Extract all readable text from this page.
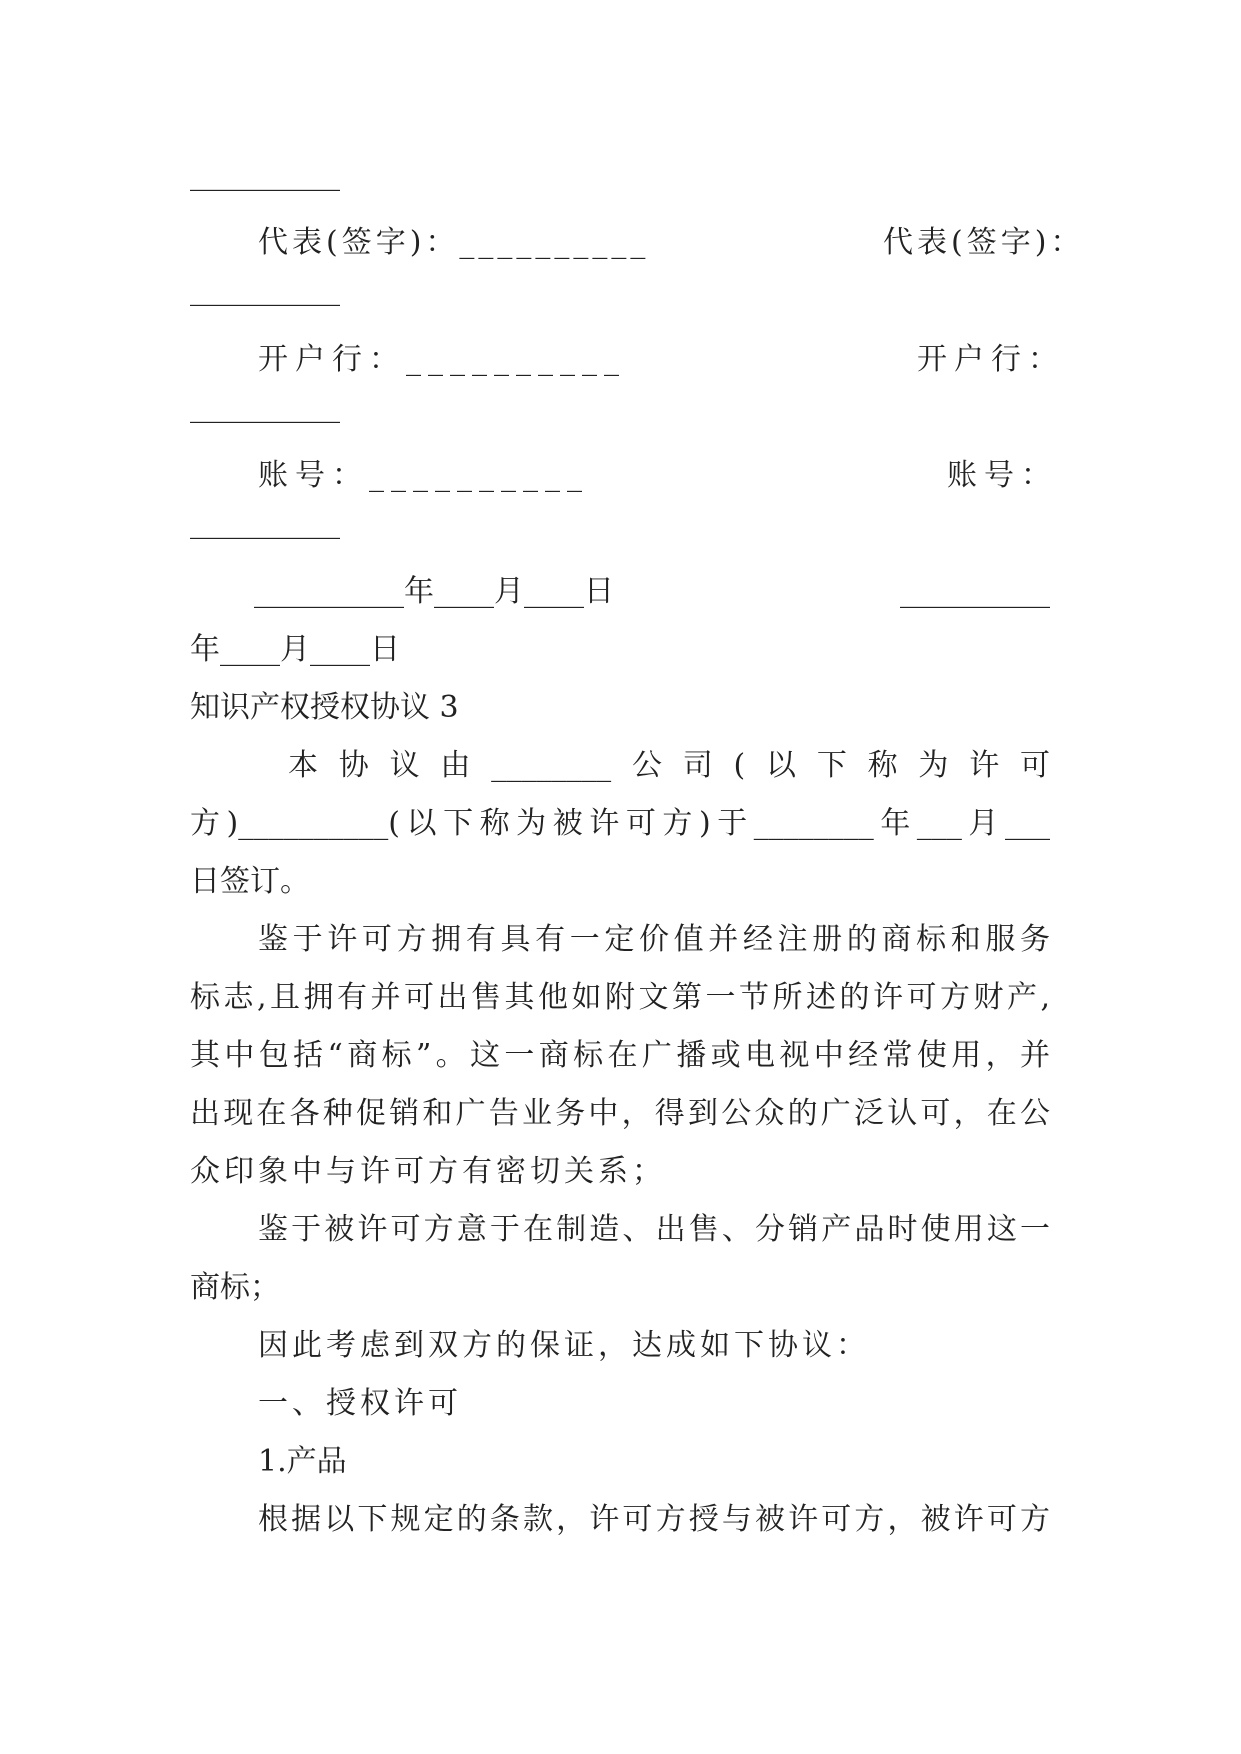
__________
代表(签字)：__________	代表(签字)：
__________
开户行：__________	开户行：
__________
账号：__________	账号：
__________
__________年____月____日	__________
年____月____日
知识产权授权协议 3
本协议由________公司(以下称为许可
方)__________(以下称为被许可方)于________年___月___
日签订。
鉴于许可方拥有具有一定价值并经注册的商标和服务
标志,且拥有并可出售其他如附文第一节所述的许可方财产,
其中包括“商标”。这一商标在广播或电视中经常使用，并
出现在各种促销和广告业务中，得到公众的广泛认可，在公
众印象中与许可方有密切关系；
鉴于被许可方意于在制造、出售、分销产品时使用这一
商标；
因此考虑到双方的保证，达成如下协议：
一、授权许可
1.产品
根据以下规定的条款，许可方授与被许可方，被许可方
